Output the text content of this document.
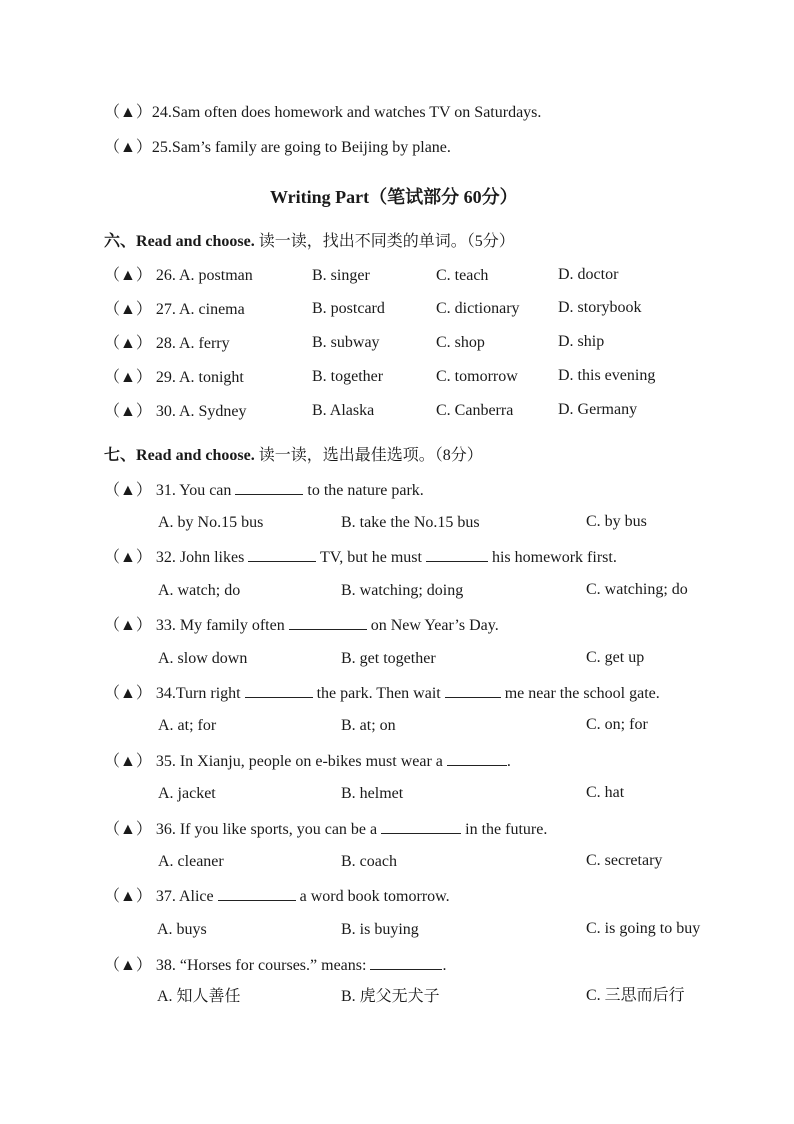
（▲）24.Sam often does homework and watches TV on Saturdays.
（▲）25.Sam’s family are going to Beijing by plane.
Writing Part（笔试部分 60分）
六、Read and choose. 读一读，找出不同类的单词。（5分）
（▲） 26. A. postman	B. singer	C. teach	D. doctor
（▲） 27. A. cinema	B. postcard	C. dictionary D. storybook
（▲） 28. A. ferry	B. subway	C. shop	D. ship
（▲） 29. A. tonight	B. together	C. tomorrow	D. this evening
（▲） 30. A. Sydney	B. Alaska	C. Canberra	D. Germany
七、Read and choose. 读一读，选出最佳选项。（8分）
（▲） 31. You can	to the nature park.
A. by No.15 bus	B. take the No.15 bus	C. by bus
（▲） 32. John likes	TV, but he must	his homework first.
A. watch; do	B. watching; doing	C. watching; do
（▲） 33. My family often	on New Year’s Day.
A. slow down	B. get together	C. get up
（▲） 34.Turn right	the park. Then wait	me near the school gate.
A. at; for	B. at; on	C. on; for
（▲） 35. In Xianju, people on e-bikes must wear a	.
A. jacket	B. helmet	C. hat
（▲） 36. If you like sports, you can be a	in the future.
A. cleaner	B. coach	C. secretary
（▲） 37. Alice	a word book tomorrow.
A. buys	B. is buying	C. is going to buy
（▲） 38. “Horses for courses.” means:	.
A. 知人善任	B. 虎父无犬子	C. 三思而后行
